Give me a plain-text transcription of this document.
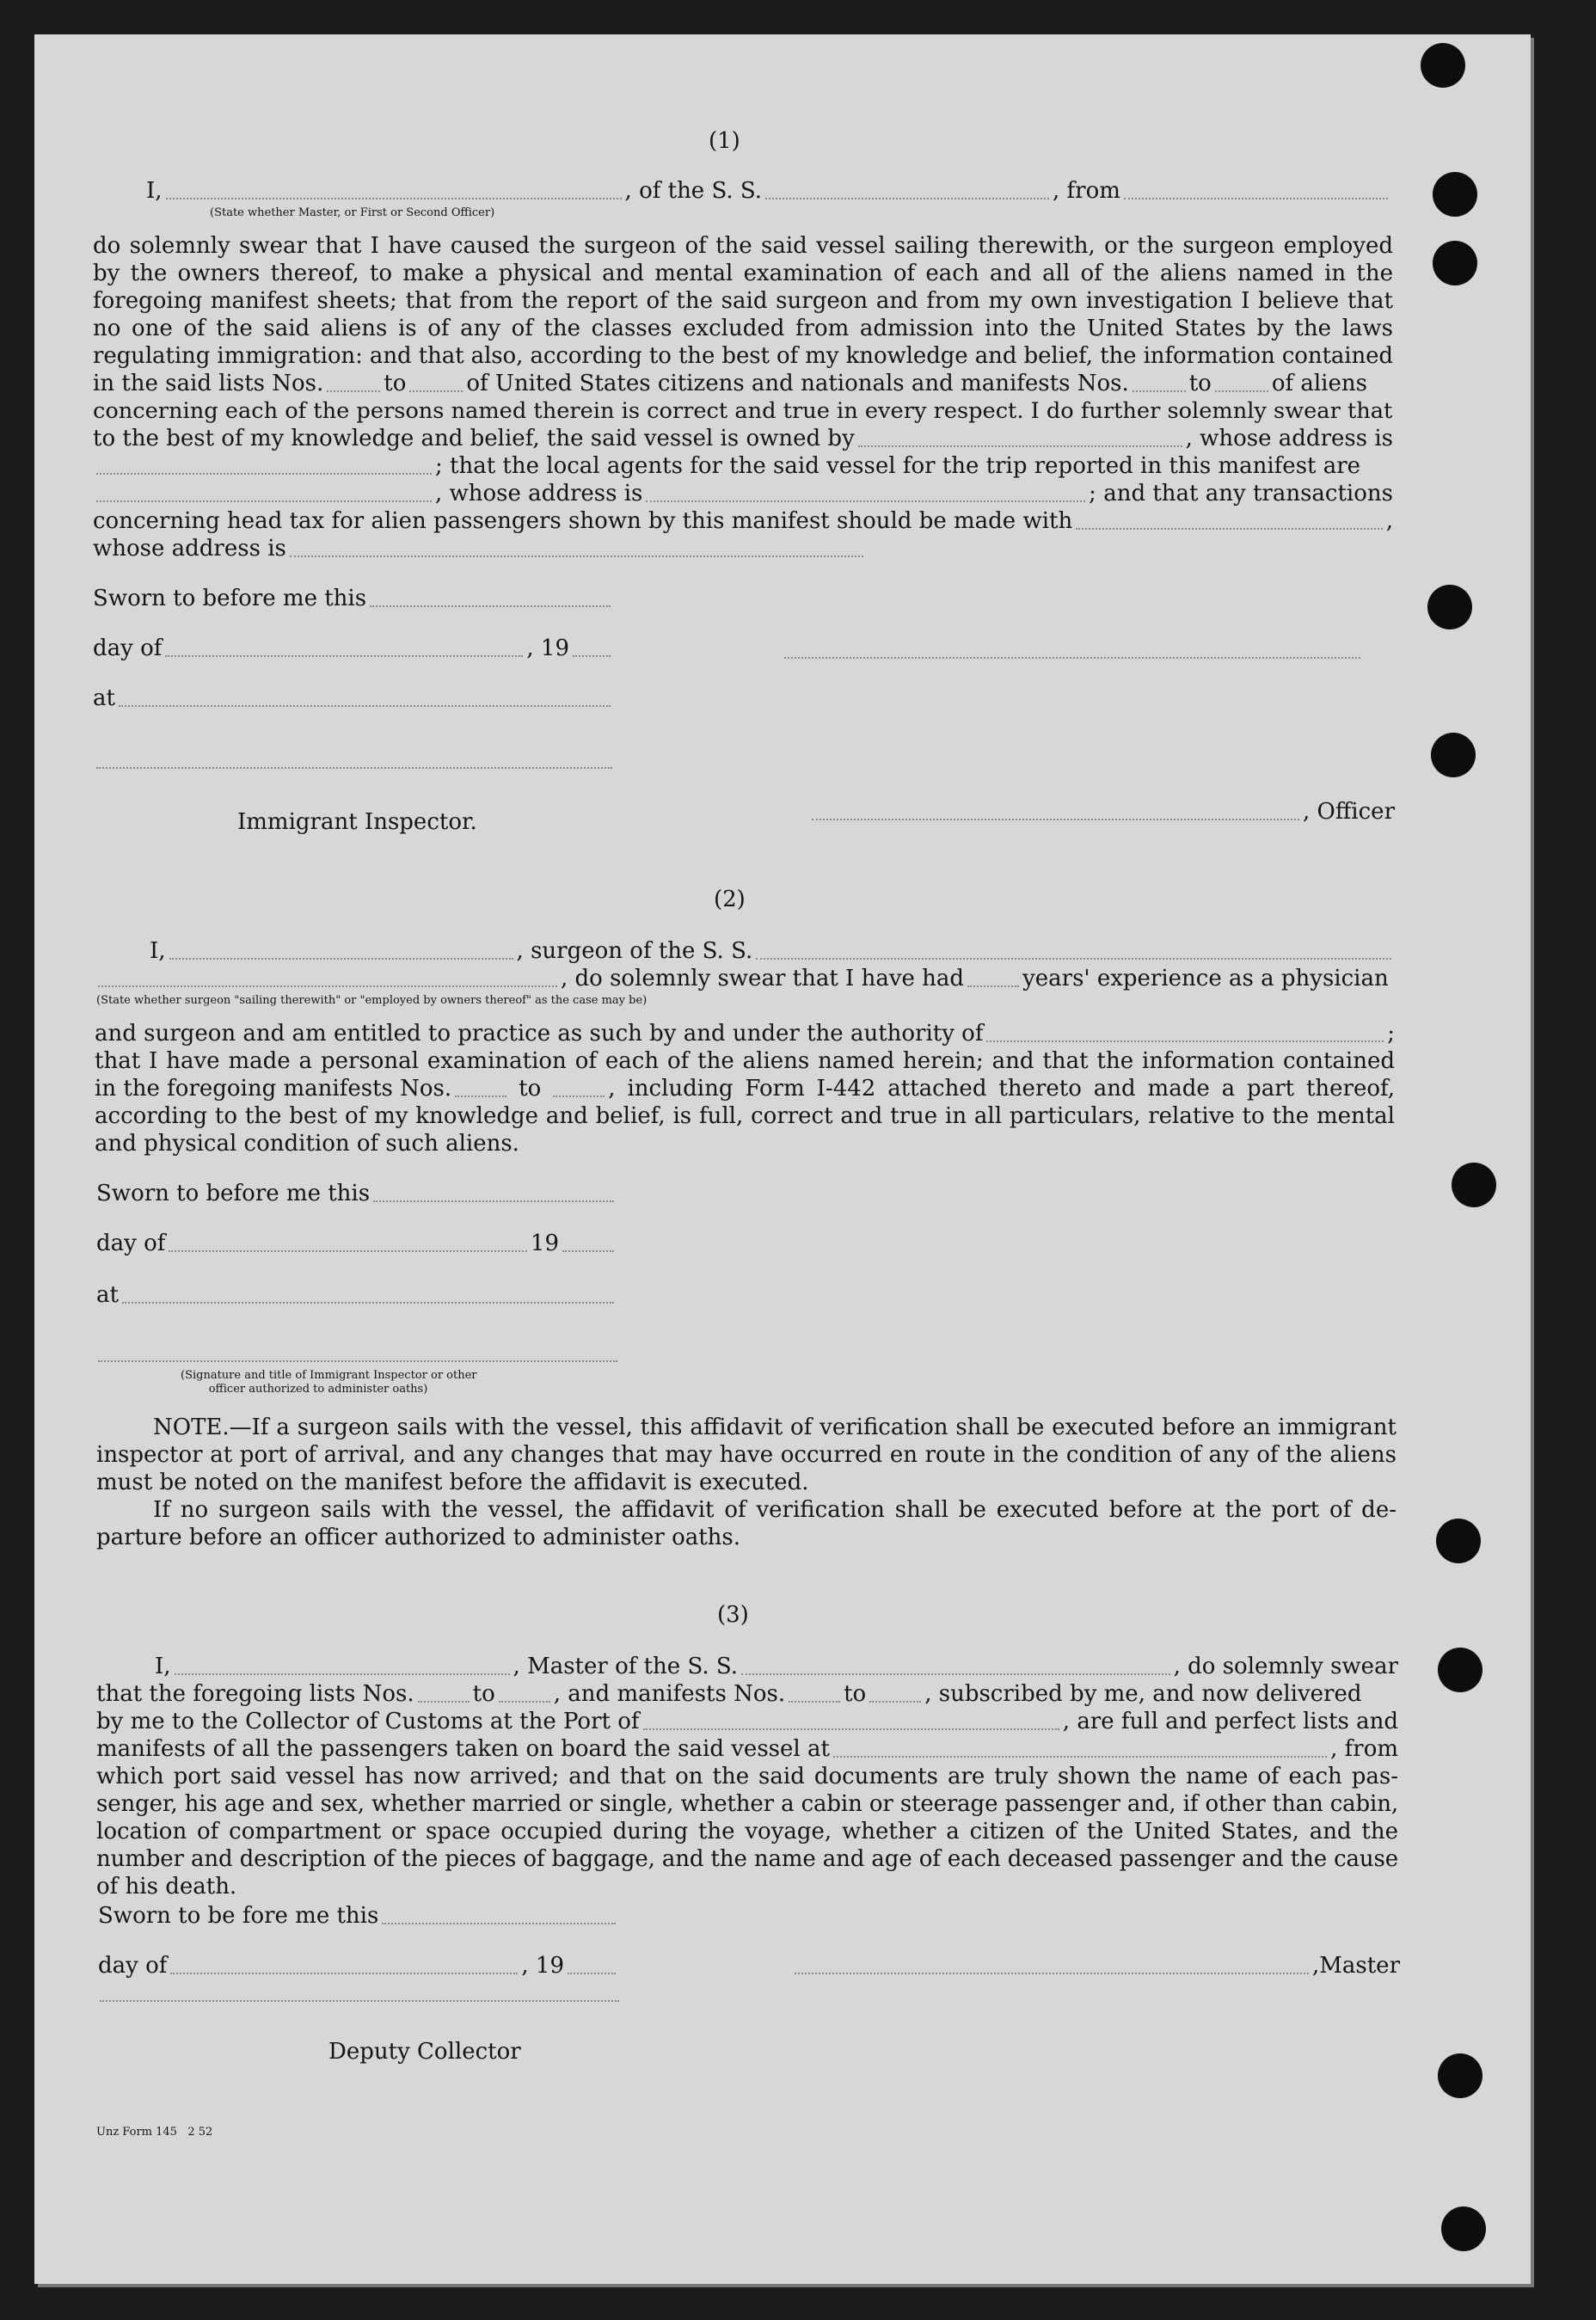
(1)
I,	, of the S. S.	, from
(State whether Master, or First or Second Officer)
do solemnly swear that I have caused the surgeon of the said vessel sailing therewith, or the surgeon employed
by the owners thereof, to make a physical and mental examination of each and all of the aliens named in the
foregoing manifest sheets; that from the report of the said surgeon and from my own investigation I believe that
no one of the said aliens is of any of the classes excluded from admission into the United States by the laws
regulating immigration: and that also, according to the best of my knowledge and belief, the information contained
in the said lists Nos.	to	of United States citizens and nationals and manifests Nos.	to	of aliens
concerning each of the persons named therein is correct and true in every respect. I do further solemnly swear that
to the best of my knowledge and belief, the said vessel is owned by	, whose address is
; that the local agents for the said vessel for the trip reported in this manifest are
, whose address is	; and that any transactions
concerning head tax for alien passengers shown by this manifest should be made with	,
whose address is
Sworn to before me this
day of	, 19
at
Immigrant Inspector.	, Officer
(2)
I,	, surgeon of the S. S.
, do solemnly swear that I have had	years' experience as a physician
(State whether surgeon "sailing therewith" or "employed by owners thereof" as the case may be)
and surgeon and am entitled to practice as such by and under the authority of	;
that I have made a personal examination of each of the aliens named herein; and that the information contained
in the foregoing manifests Nos.	to	, including Form I-442 attached thereto and made a part thereof,
according to the best of my knowledge and belief, is full, correct and true in all particulars, relative to the mental
and physical condition of such aliens.
Sworn to before me this
day of	19
at
(Signature and title of Immigrant Inspector or other
officer authorized to administer oaths)
NOTE.—If a surgeon sails with the vessel, this affidavit of verification shall be executed before an immigrant
inspector at port of arrival, and any changes that may have occurred en route in the condition of any of the aliens
must be noted on the manifest before the affidavit is executed.
If no surgeon sails with the vessel, the affidavit of verification shall be executed before at the port of de-
parture before an officer authorized to administer oaths.
(3)
I,	, Master of the S. S.	, do solemnly swear
that the foregoing lists Nos.	to	, and manifests Nos.	to	, subscribed by me, and now delivered
by me to the Collector of Customs at the Port of	, are full and perfect lists and
manifests of all the passengers taken on board the said vessel at	, from
which port said vessel has now arrived; and that on the said documents are truly shown the name of each pas-
senger, his age and sex, whether married or single, whether a cabin or steerage passenger and, if other than cabin,
location of compartment or space occupied during the voyage, whether a citizen of the United States, and the
number and description of the pieces of baggage, and the name and age of each deceased passenger and the cause
of his death.
Sworn to be fore me this
day of	, 19	,Master
Deputy Collector
Unz Form 145   2 52
